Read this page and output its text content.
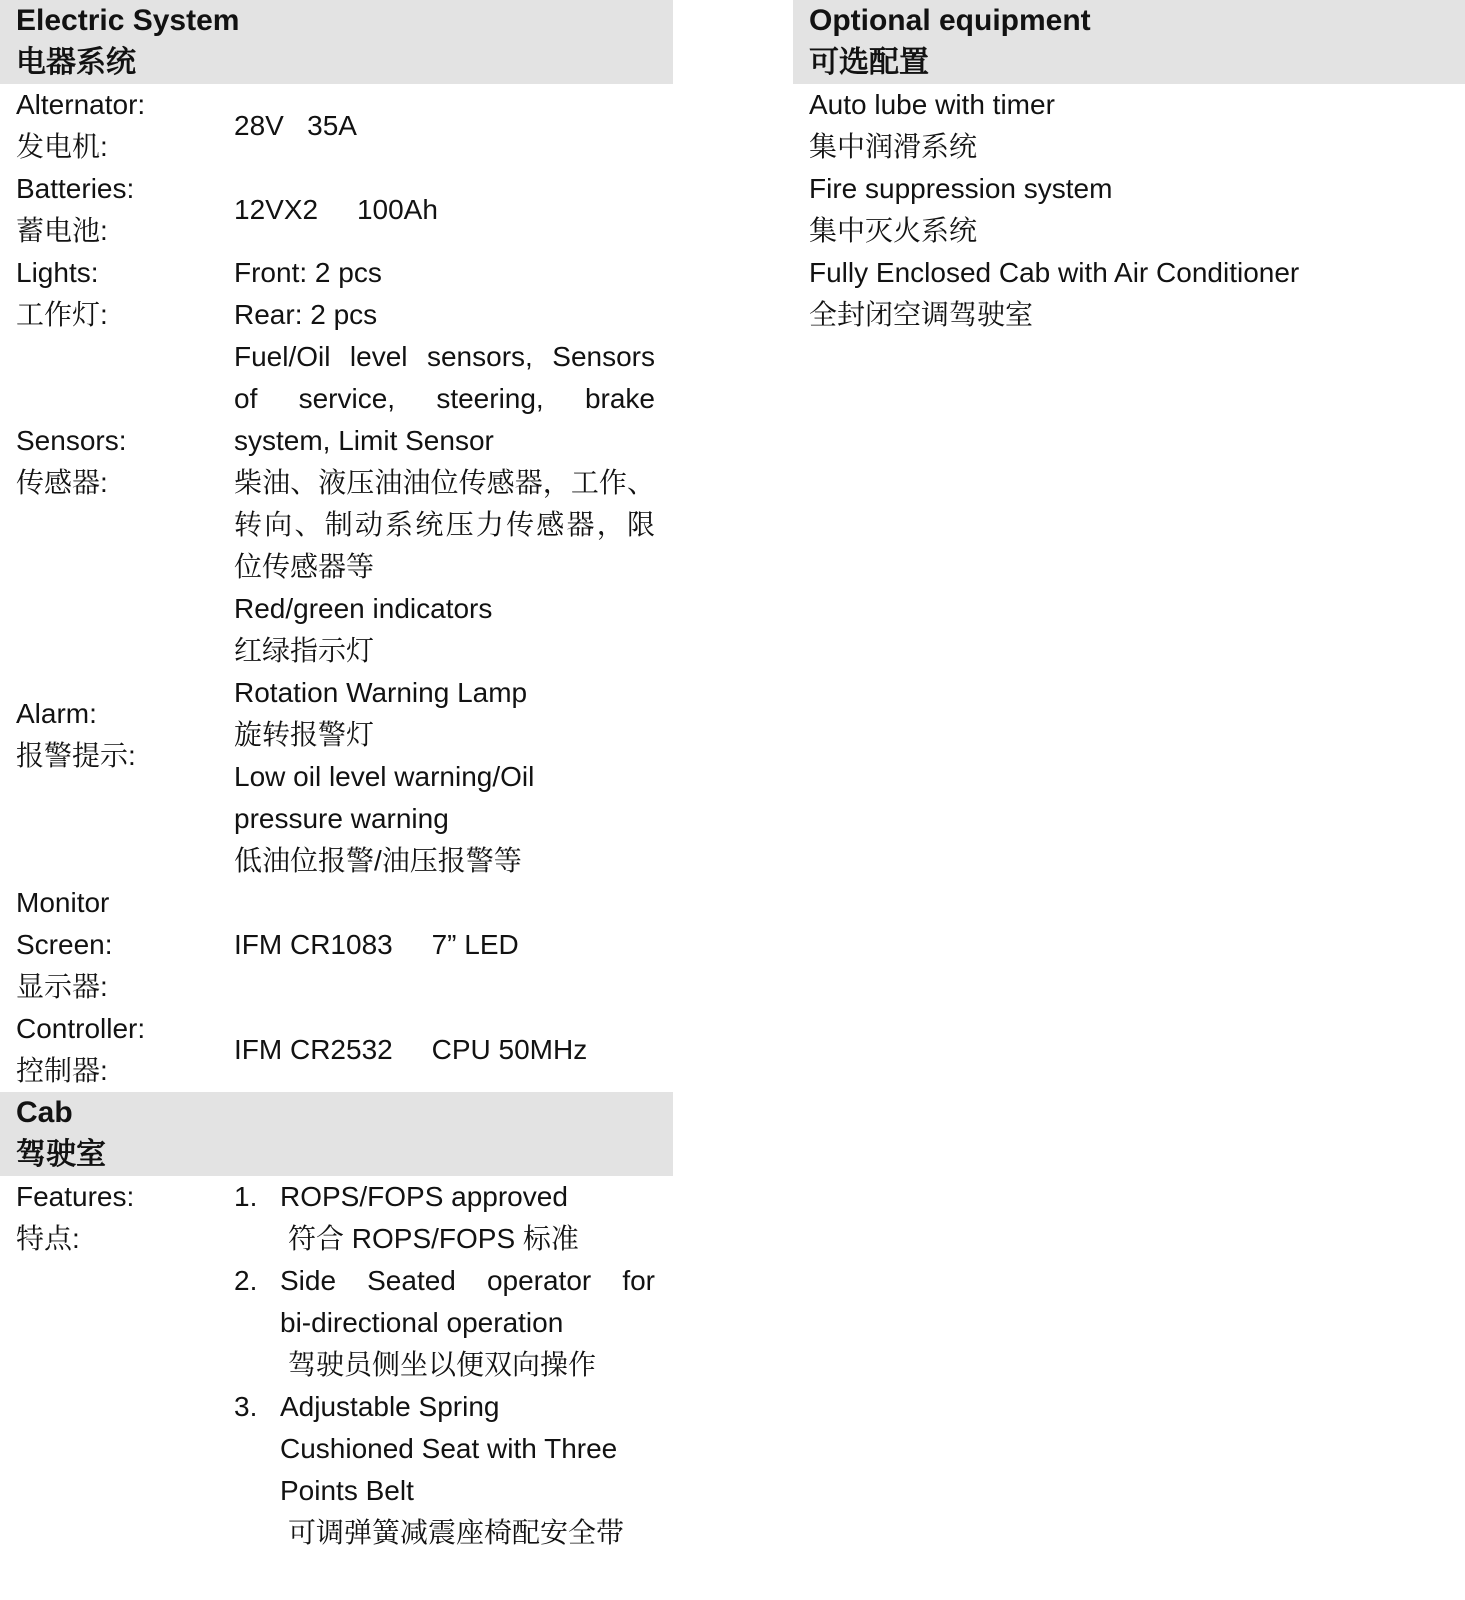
Electric System
电器系统
Alternator:
发电机:
28V   35A
Batteries:
蓄电池:
12VX2     100Ah
Lights:
工作灯:
Front: 2 pcs
Rear: 2 pcs
Sensors:
传感器:
Fuel/Oil level sensors, Sensors
of service, steering, brake
system, Limit Sensor
柴油、液压油油位传感器，工作、
转向、制动系统压力传感器，限
位传感器等
Alarm:
报警提示:
Red/green indicators
红绿指示灯
Rotation Warning Lamp
旋转报警灯
Low oil level warning/Oil
pressure warning
低油位报警/油压报警等
Monitor
Screen:
显示器:
IFM CR1083     7” LED
Controller:
控制器:
IFM CR2532     CPU 50MHz
Cab
驾驶室
Features:
特点:
1. ROPS/FOPS approved
符合 ROPS/FOPS 标准
2. Side Seated operator for
bi-directional operation
驾驶员侧坐以便双向操作
3. Adjustable Spring
Cushioned Seat with Three
Points Belt
可调弹簧减震座椅配安全带
Optional equipment
可选配置
Auto lube with timer
集中润滑系统
Fire suppression system
集中灭火系统
Fully Enclosed Cab with Air Conditioner
全封闭空调驾驶室
